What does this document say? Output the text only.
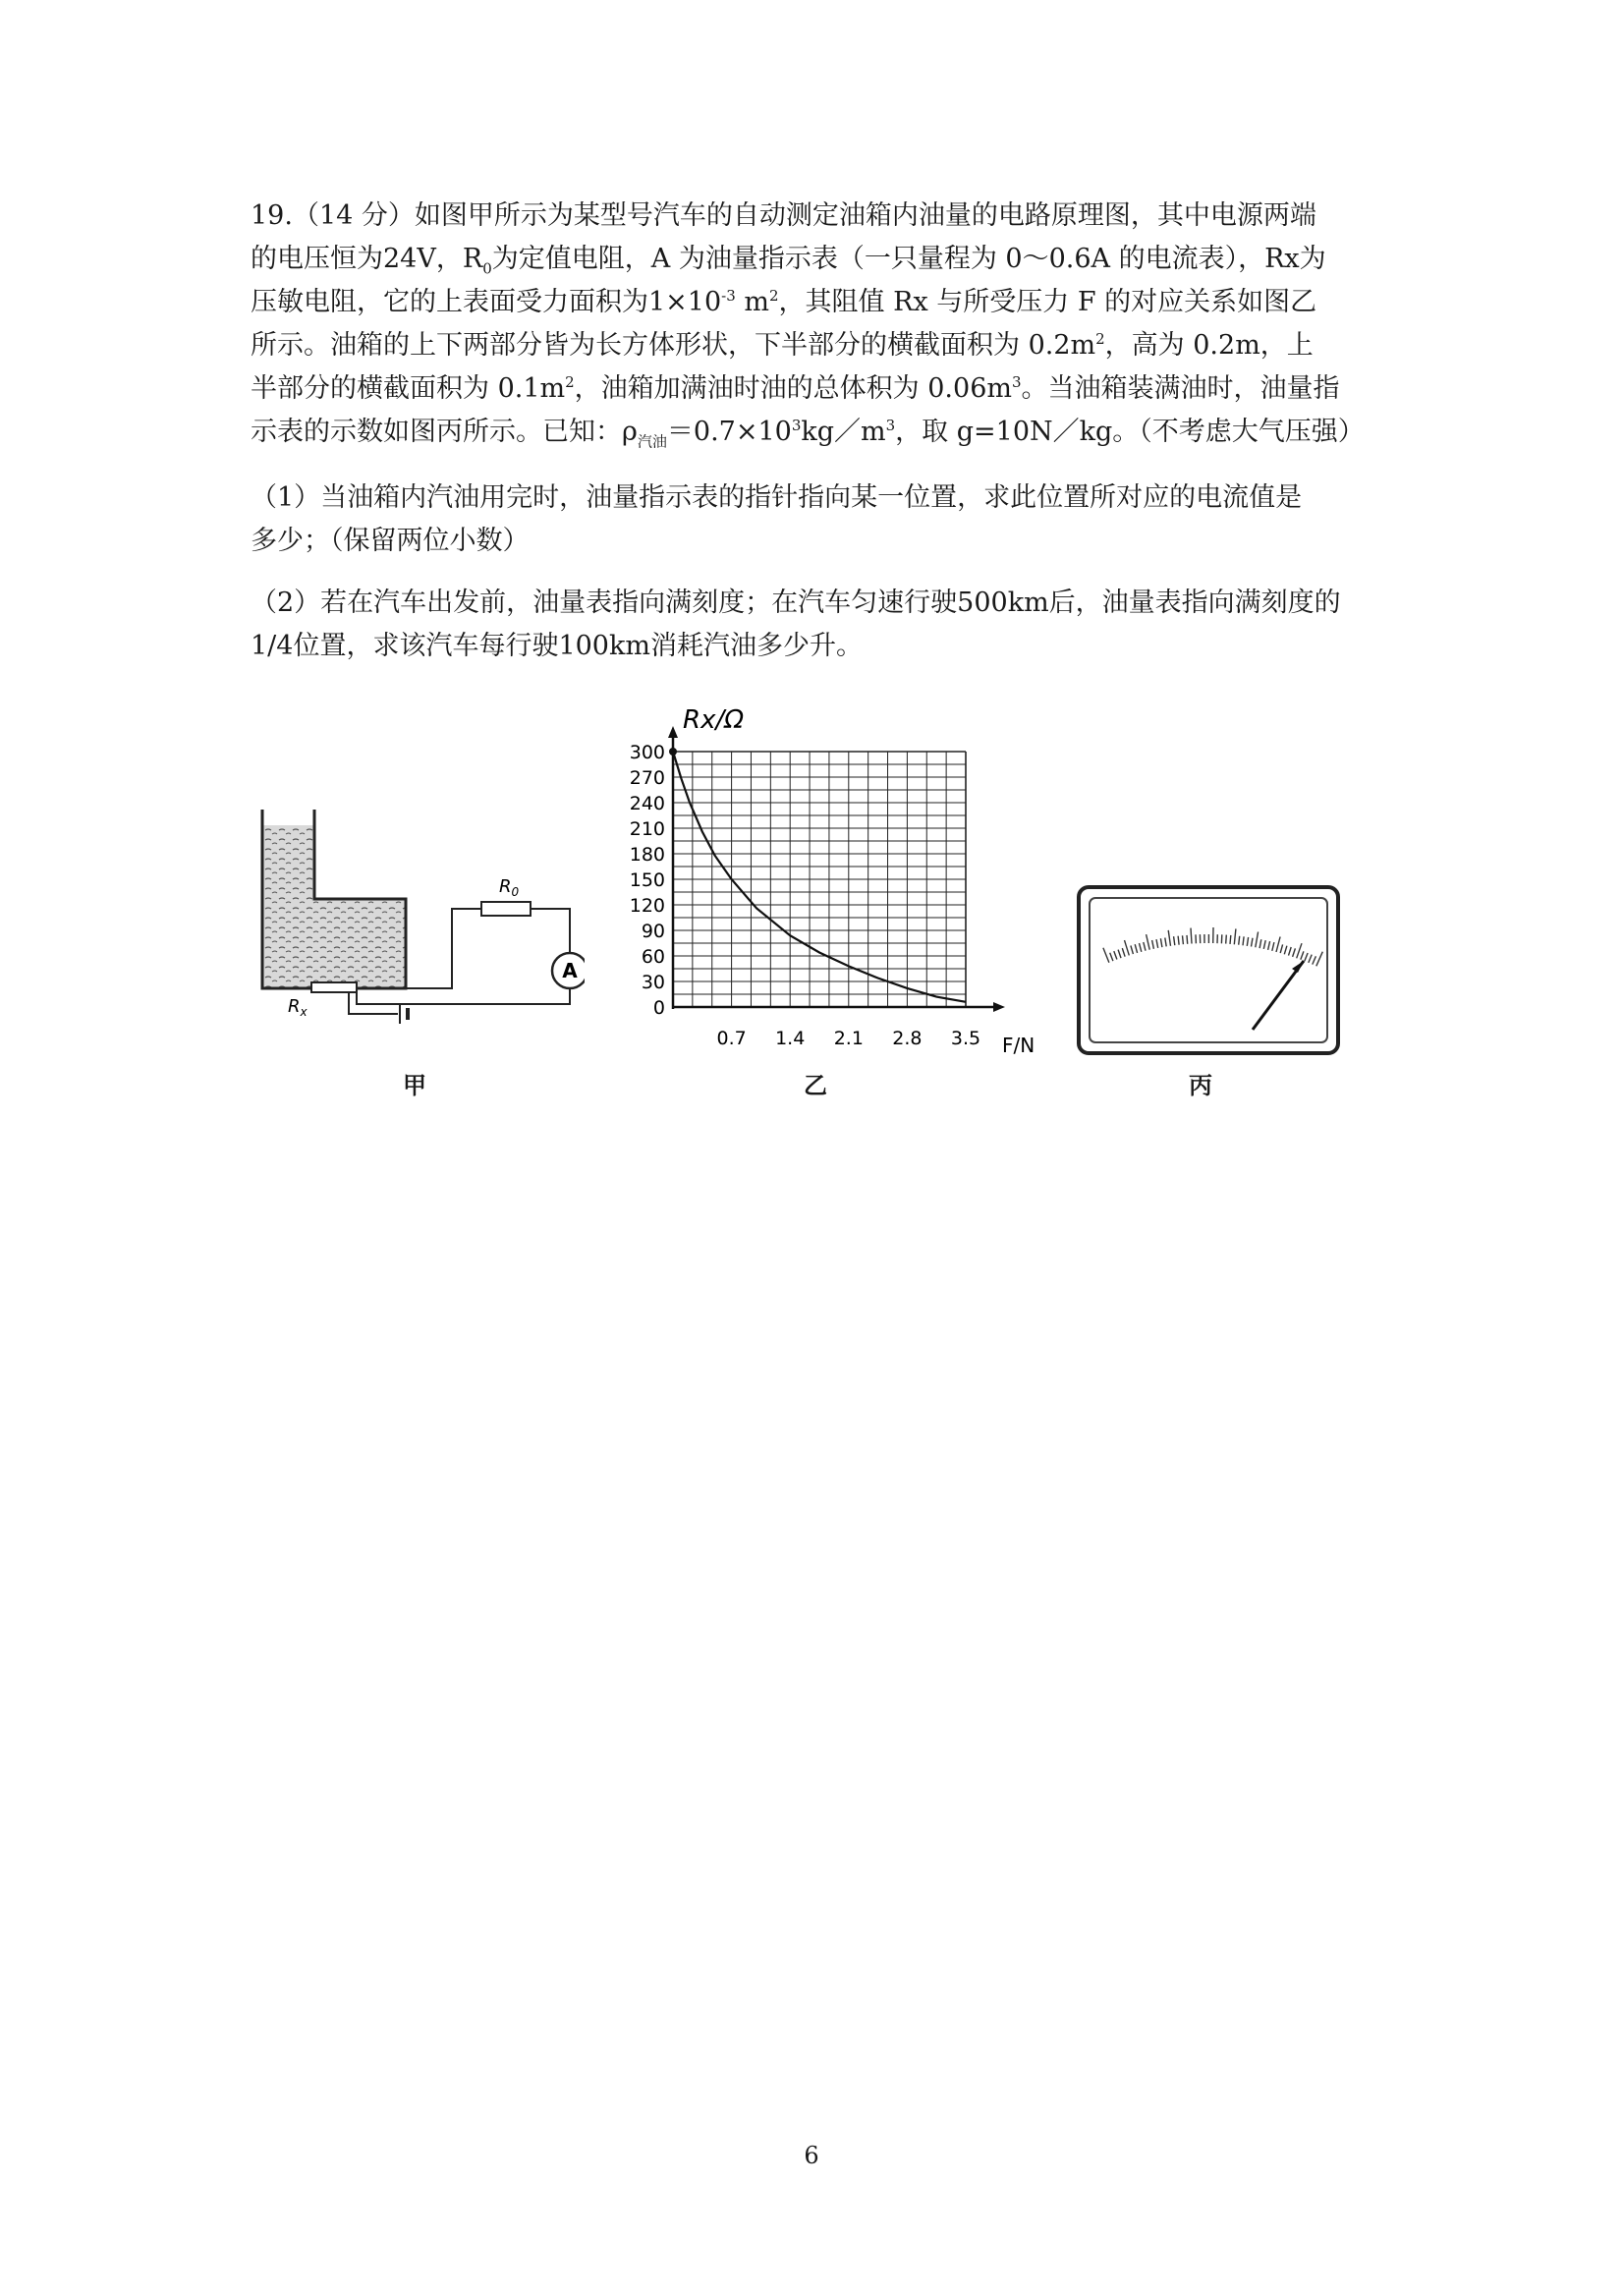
19.（14 分）如图甲所示为某型号汽车的自动测定油箱内油量的电路原理图，其中电源两端
的电压恒为24V，$R_0$为定值电阻，A 为油量指示表（一只量程为 0～0.6A 的电流表），Rx为
压敏电阻，它的上表面受力面积为$1\times 10^{-3}$ $m^2$，其阻值 Rx 与所受压力 F 的对应关系如图乙
所示。油箱的上下两部分皆为长方体形状，下半部分的横截面积为 $0.2m^2$，高为 0.2m，上
半部分的横截面积为 $0.1m^2$，油箱加满油时油的总体积为 $0.06m^3$。当油箱装满油时，油量指
示表的示数如图丙所示。已知：$\rho_{汽油}=0.7\times 10^3kg/m^3$，取 g=10N／kg。（不考虑大气压强）
（1）当油箱内汽油用完时，油量指示表的指针指向某一位置，求此位置所对应的电流值是
多少；（保留两位小数）
（2）若在汽车出发前，油量表指向满刻度；在汽车匀速行驶500km后，油量表指向满刻度的
1/4位置，求该汽车每行驶100km消耗汽油多少升。
$R_0$
A
$R_x$
甲
0
30
60
90
120
150
180
210
240
270
300
0.7 1.4 2.1 2.8 3.5
Rx/Ω
F/N
乙	丙
6
